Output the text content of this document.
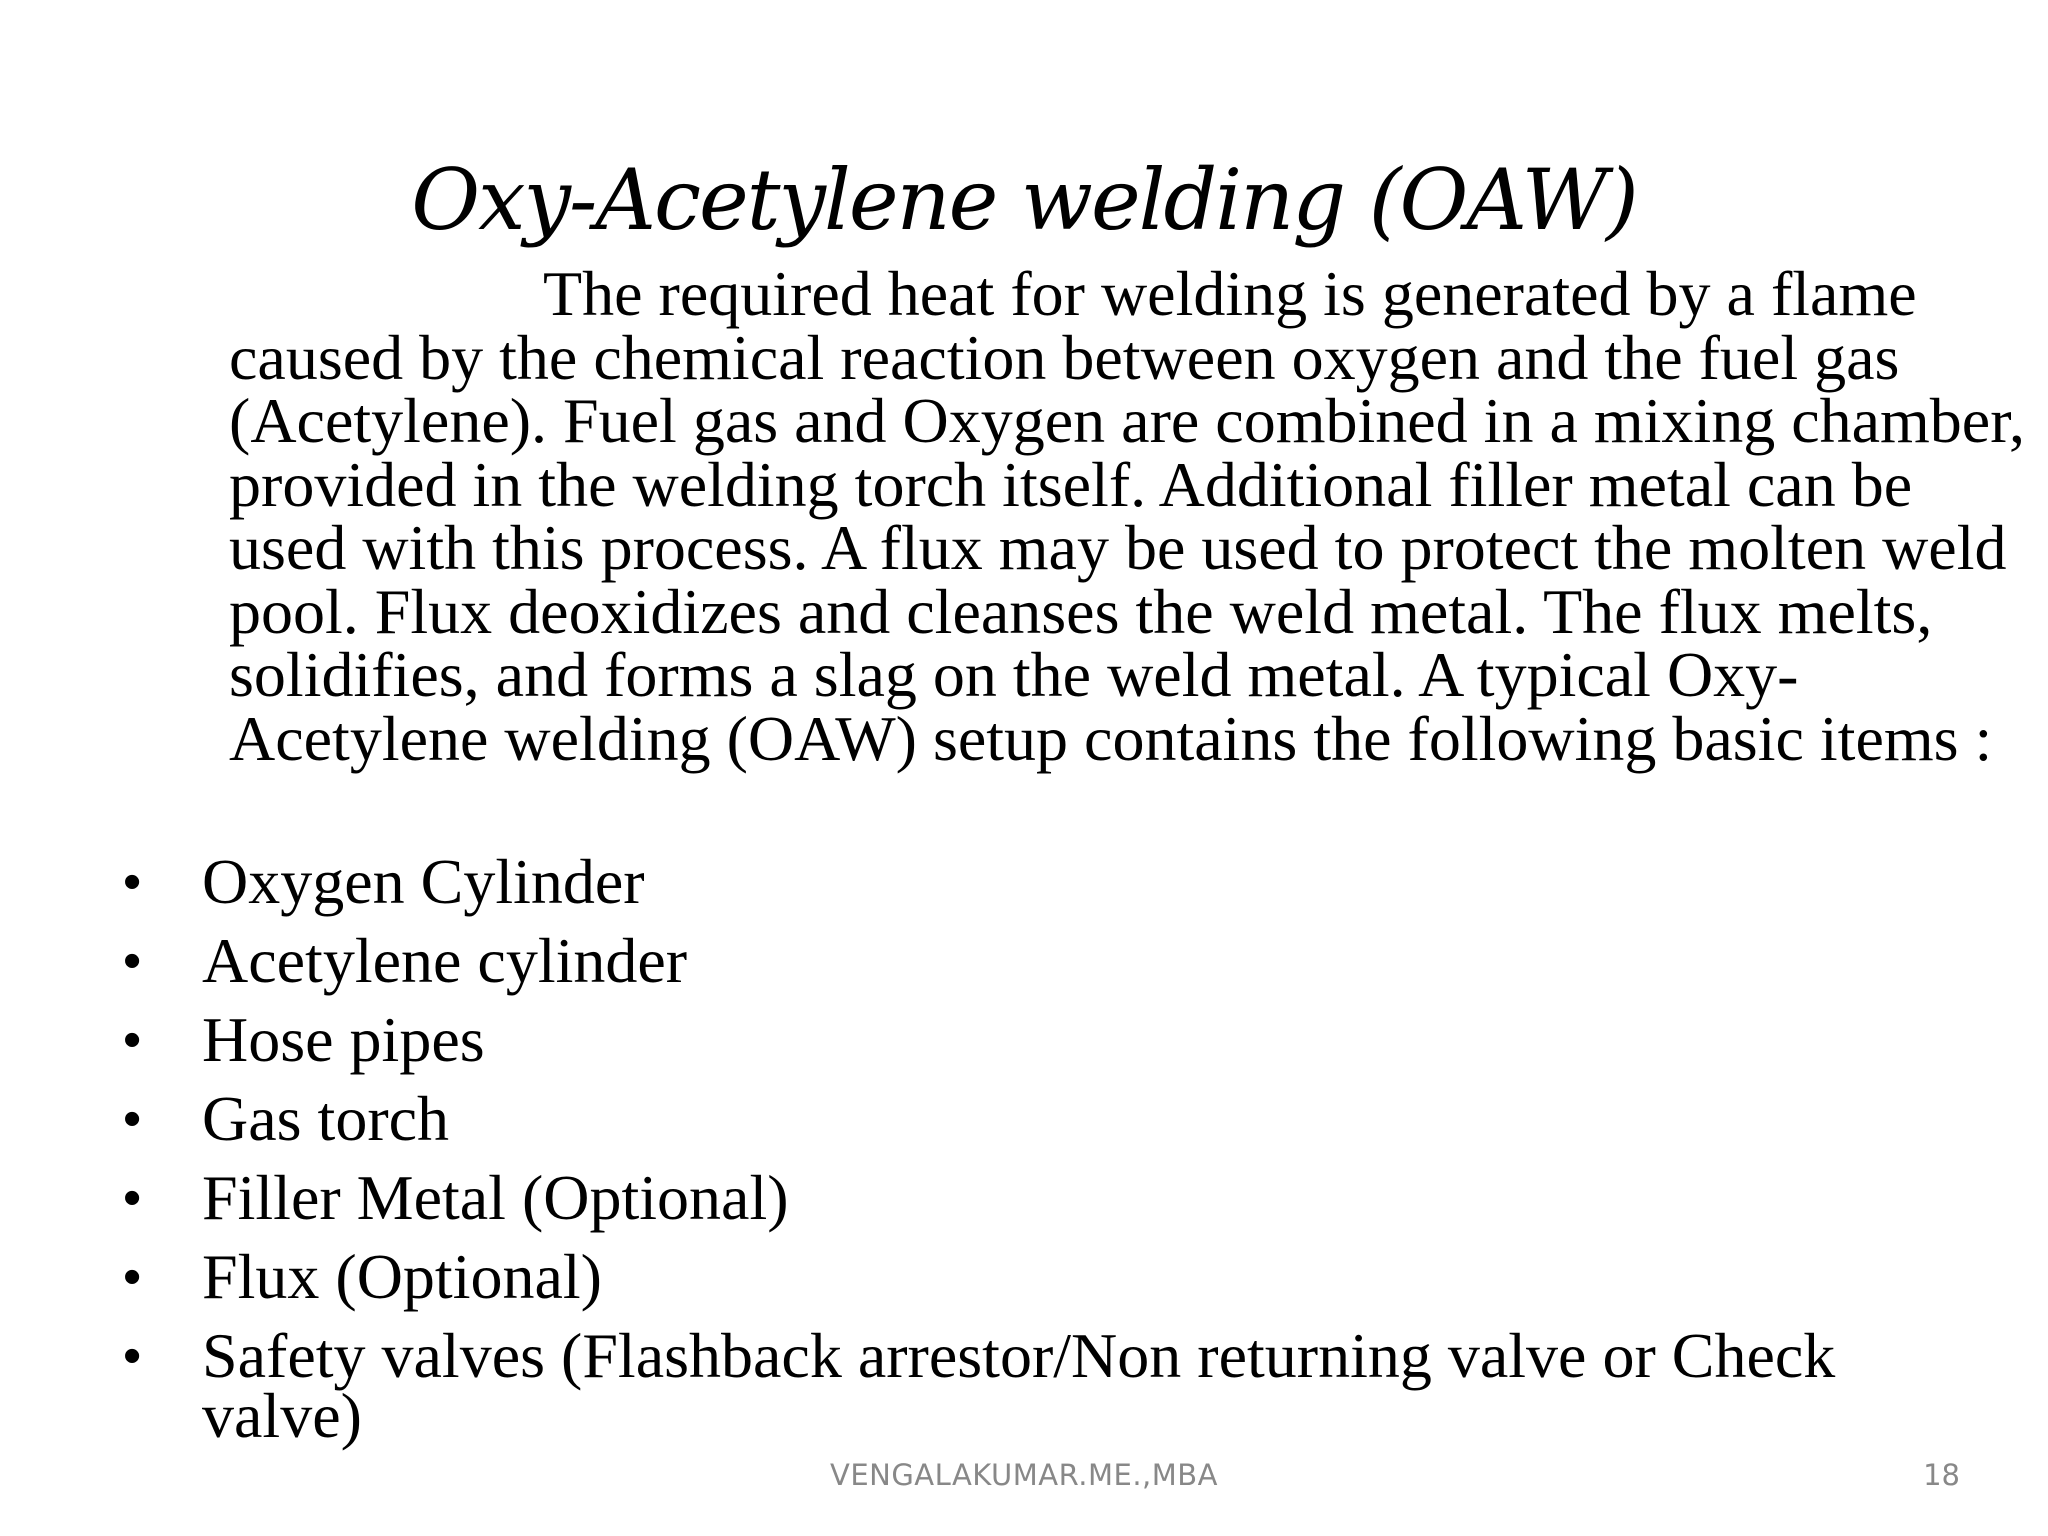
Oxy-Acetylene welding (OAW)

The required heat for welding is generated by a flame caused by the chemical reaction between oxygen and the fuel gas (Acetylene). Fuel gas and Oxygen are combined in a mixing chamber, provided in the welding torch itself. Additional filler metal can be used with this process. A flux may be used to protect the molten weld pool. Flux deoxidizes and cleanses the weld metal. The flux melts, solidifies, and forms a slag on the weld metal. A typical Oxy-Acetylene welding (OAW) setup contains the following basic items :

• Oxygen Cylinder
• Acetylene cylinder
• Hose pipes
• Gas torch
• Filler Metal (Optional)
• Flux (Optional)
• Safety valves (Flashback arrestor/Non returning valve or Check valve)
VENGALAKUMAR.ME.,MBA	18
